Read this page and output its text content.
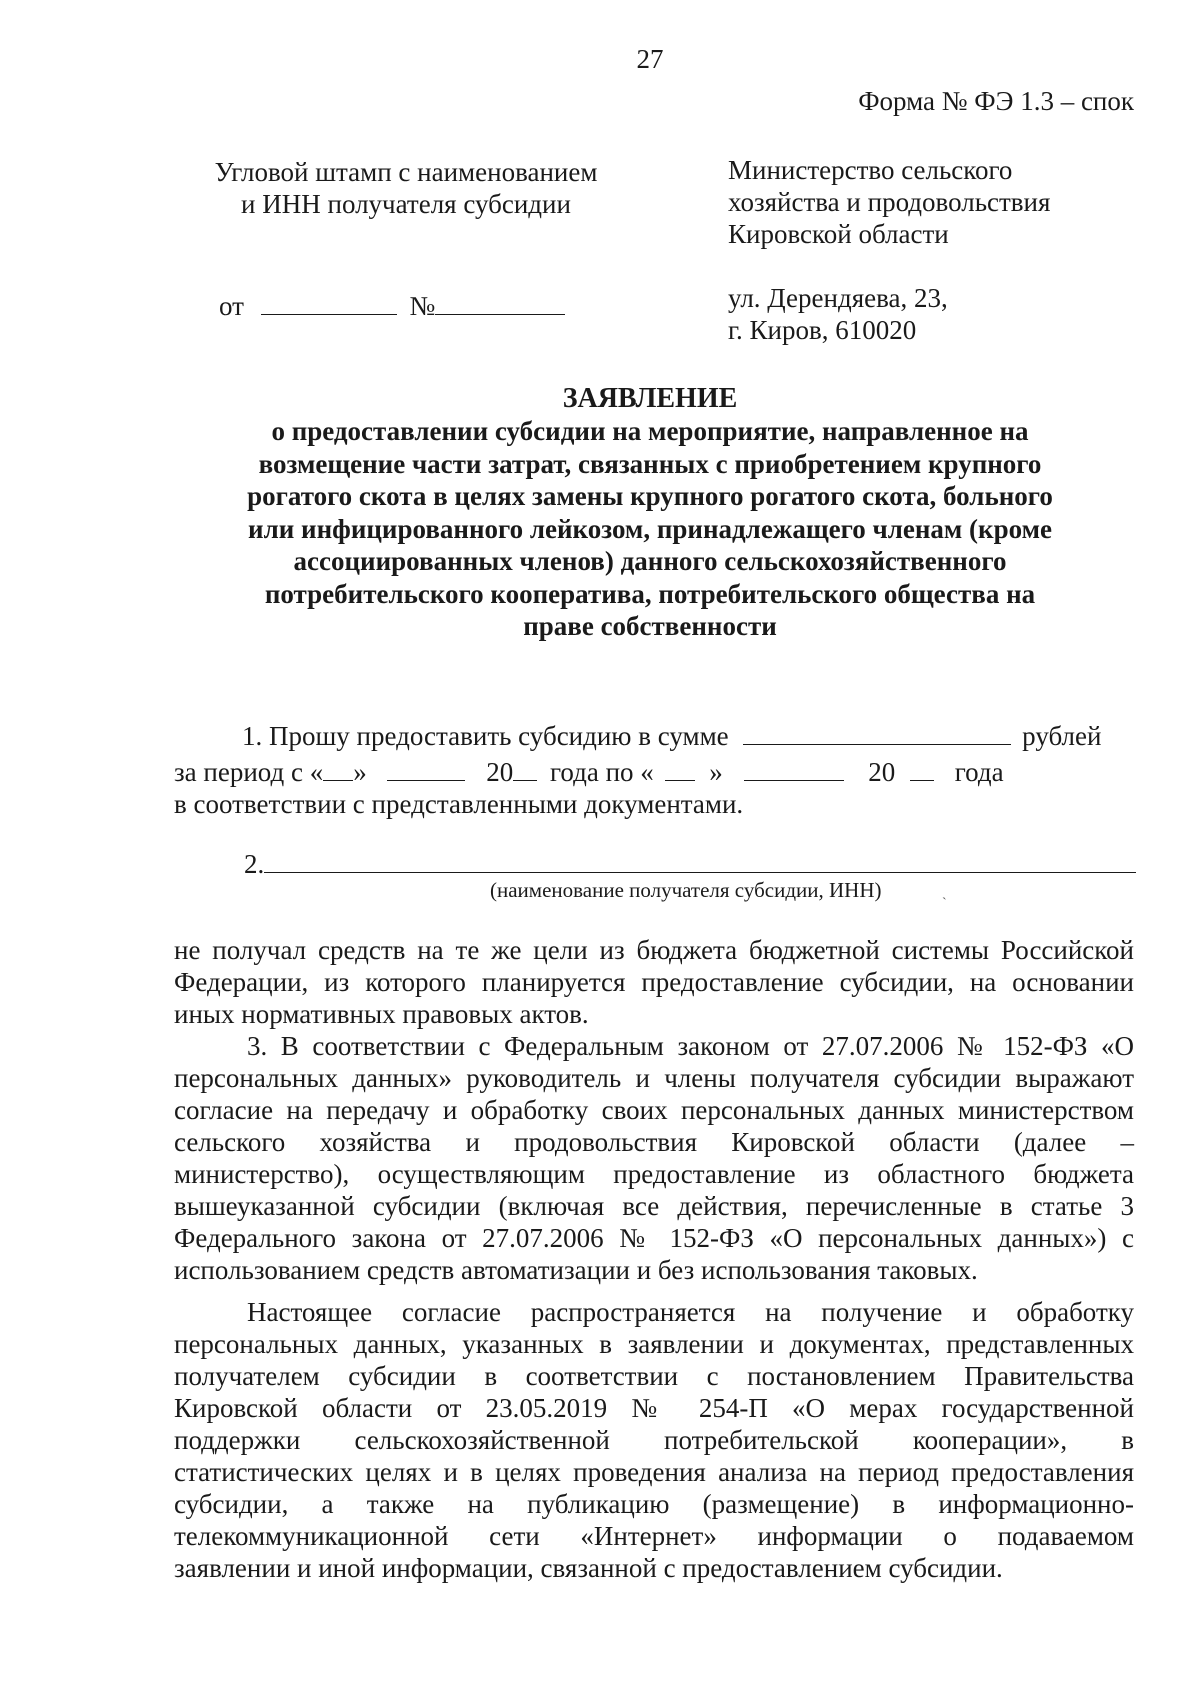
27
Форма № ФЭ 1.3 – спок
Угловой штамп с наименованием
и ИНН получателя субсидии
Министерство сельского
хозяйства и продовольствия
Кировской области
от	№	ул. Дерендяева, 23,
г. Киров, 610020
ЗАЯВЛЕНИЕ
о предоставлении субсидии на мероприятие, направленное на возмещение части затрат, связанных с приобретением крупного рогатого скота в целях замены крупного рогатого скота, больного или инфицированного лейкозом, принадлежащего членам (кроме ассоциированных членов) данного сельскохозяйственного потребительского кооператива, потребительского общества на праве собственности
1. Прошу предоставить субсидию в сумме	рублей
за период с « »	20 года по « »	20 года
в соответствии с представленными документами.
2.
(наименование получателя субсидии, ИНН)
`
не получал средств на те же цели из бюджета бюджетной системы Российской
Федерации, из которого планируется предоставление субсидии, на основании
иных нормативных правовых актов.
3. В соответствии с Федеральным законом от 27.07.2006 № 152-ФЗ «О
персональных данных» руководитель и члены получателя субсидии выражают
согласие на передачу и обработку своих персональных данных министерством
сельского хозяйства и продовольствия Кировской области (далее –
министерство), осуществляющим предоставление из областного бюджета
вышеуказанной субсидии (включая все действия, перечисленные в статье 3
Федерального закона от 27.07.2006 № 152-ФЗ «О персональных данных») с
использованием средств автоматизации и без использования таковых.
Настоящее согласие распространяется на получение и обработку
персональных данных, указанных в заявлении и документах, представленных
получателем субсидии в соответствии с постановлением Правительства
Кировской области от 23.05.2019 № 254-П «О мерах государственной
поддержки сельскохозяйственной потребительской кооперации», в
статистических целях и в целях проведения анализа на период предоставления
субсидии, а также на публикацию (размещение) в информационно-
телекоммуникационной сети «Интернет» информации о подаваемом
заявлении и иной информации, связанной с предоставлением субсидии.
